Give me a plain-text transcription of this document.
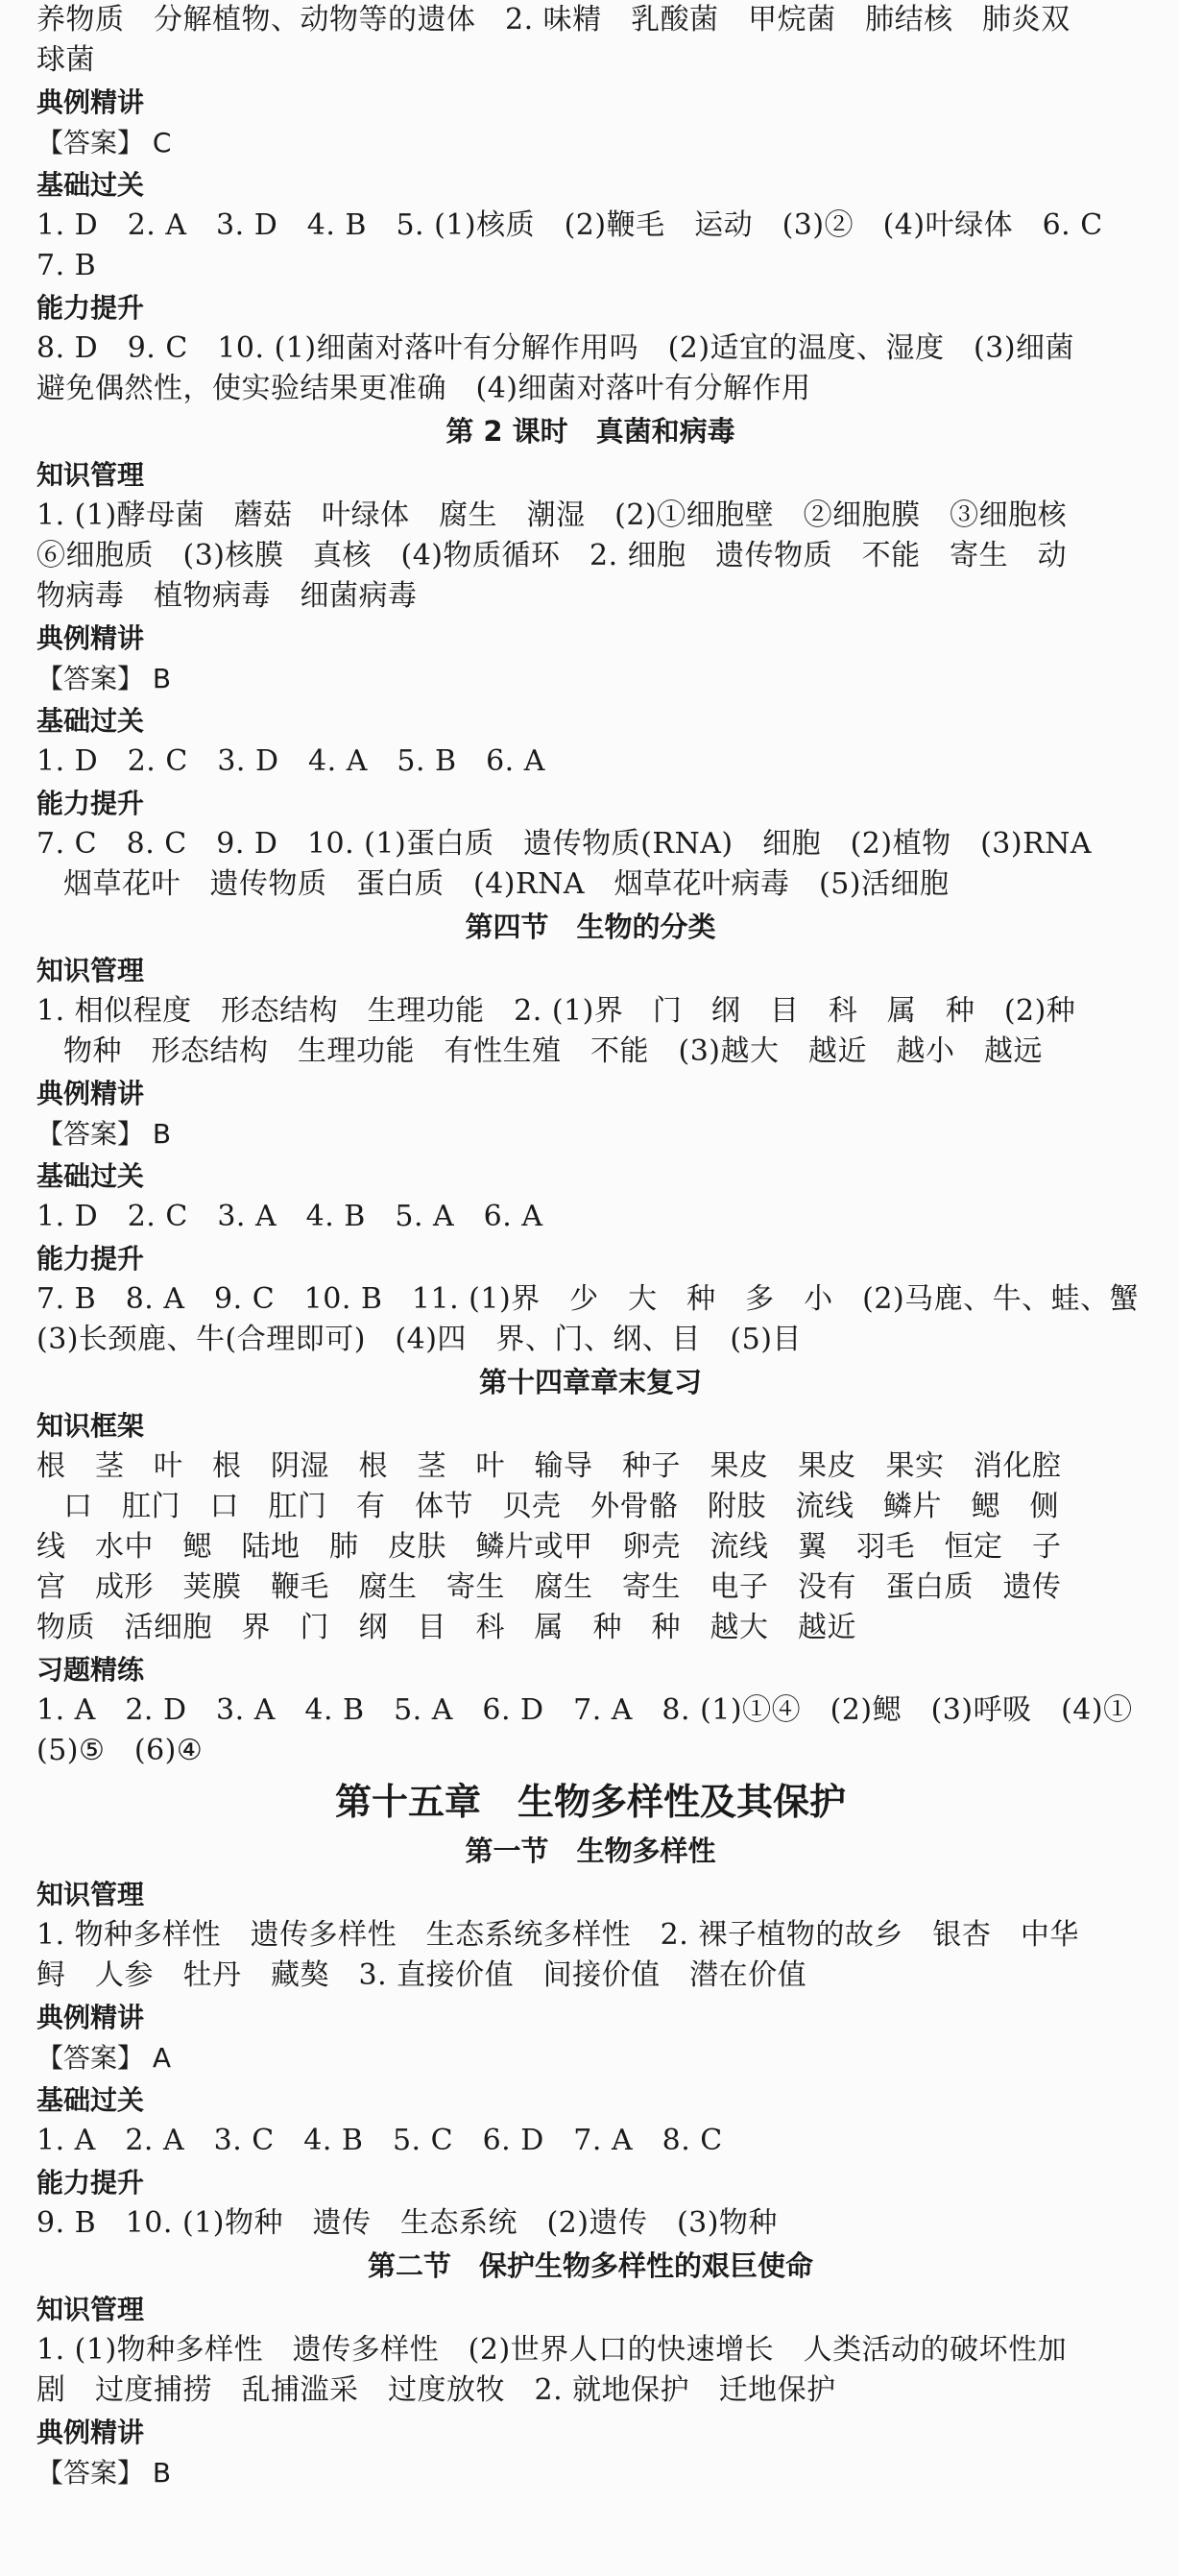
养物质　分解植物、动物等的遗体　2. 味精　乳酸菌　甲烷菌　肺结核　肺炎双
球菌
典例精讲
【答案】 C
基础过关
1. D　2. A　3. D　4. B　5. (1)核质　(2)鞭毛　运动　(3)②　(4)叶绿体　6. C
7. B
能力提升
8. D　9. C　10. (1)细菌对落叶有分解作用吗　(2)适宜的温度、湿度　(3)细菌
避免偶然性，使实验结果更准确　(4)细菌对落叶有分解作用
第 2 课时　真菌和病毒
知识管理
1. (1)酵母菌　蘑菇　叶绿体　腐生　潮湿　(2)①细胞壁　②细胞膜　③细胞核
⑥细胞质　(3)核膜　真核　(4)物质循环　2. 细胞　遗传物质　不能　寄生　动
物病毒　植物病毒　细菌病毒
典例精讲
【答案】 B
基础过关
1. D　2. C　3. D　4. A　5. B　6. A
能力提升
7. C　8. C　9. D　10. (1)蛋白质　遗传物质(RNA)　细胞　(2)植物　(3)RNA
烟草花叶　遗传物质　蛋白质　(4)RNA　烟草花叶病毒　(5)活细胞
第四节　生物的分类
知识管理
1. 相似程度　形态结构　生理功能　2. (1)界　门　纲　目　科　属　种　(2)种
物种　形态结构　生理功能　有性生殖　不能　(3)越大　越近　越小　越远
典例精讲
【答案】 B
基础过关
1. D　2. C　3. A　4. B　5. A　6. A
能力提升
7. B　8. A　9. C　10. B　11. (1)界　少　大　种　多　小　(2)马鹿、牛、蛙、蟹
(3)长颈鹿、牛(合理即可)　(4)四　界、门、纲、目　(5)目
第十四章章末复习
知识框架
根　茎　叶　根　阴湿　根　茎　叶　输导　种子　果皮　果皮　果实　消化腔
口　肛门　口　肛门　有　体节　贝壳　外骨骼　附肢　流线　鳞片　鳃　侧
线　水中　鳃　陆地　肺　皮肤　鳞片或甲　卵壳　流线　翼　羽毛　恒定　子
宫　成形　荚膜　鞭毛　腐生　寄生　腐生　寄生　电子　没有　蛋白质　遗传
物质　活细胞　界　门　纲　目　科　属　种　种　越大　越近
习题精练
1. A　2. D　3. A　4. B　5. A　6. D　7. A　8. (1)①④　(2)鳃　(3)呼吸　(4)①
(5)⑤　(6)④
第十五章　生物多样性及其保护
第一节　生物多样性
知识管理
1. 物种多样性　遗传多样性　生态系统多样性　2. 裸子植物的故乡　银杏　中华
鲟　人参　牡丹　藏獒　3. 直接价值　间接价值　潜在价值
典例精讲
【答案】 A
基础过关
1. A　2. A　3. C　4. B　5. C　6. D　7. A　8. C
能力提升
9. B　10. (1)物种　遗传　生态系统　(2)遗传　(3)物种
第二节　保护生物多样性的艰巨使命
知识管理
1. (1)物种多样性　遗传多样性　(2)世界人口的快速增长　人类活动的破坏性加
剧　过度捕捞　乱捕滥采　过度放牧　2. 就地保护　迁地保护
典例精讲
【答案】 B
